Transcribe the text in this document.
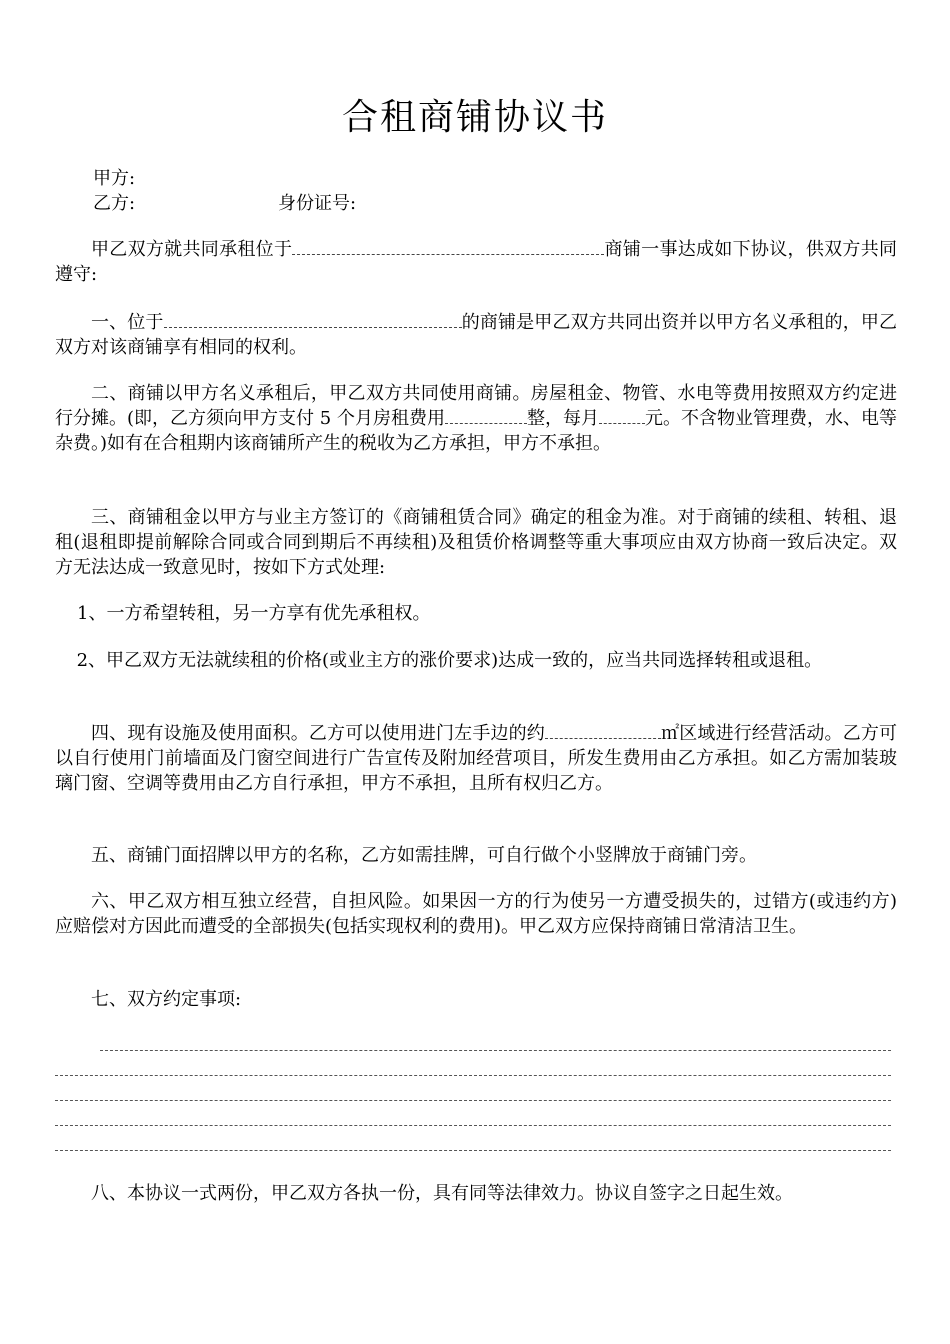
合租商铺协议书
甲方:
乙方:	身份证号:
甲乙双方就共同承租位于	商铺一事达成如下协议，供双方共同遵守:
一、位于	的商铺是甲乙双方共同出资并以甲方名义承租的，甲乙双方对该商铺享有相同的权利。
二、商铺以甲方名义承租后，甲乙双方共同使用商铺。房屋租金、物管、水电等费用按照双方约定进行分摊。(即，乙方须向甲方支付 5 个月房租费用	整，每月	元。不含物业管理费，水、电等杂费。)如有在合租期内该商铺所产生的税收为乙方承担，甲方不承担。
三、商铺租金以甲方与业主方签订的《商铺租赁合同》确定的租金为准。对于商铺的续租、转租、退租(退租即提前解除合同或合同到期后不再续租)及租赁价格调整等重大事项应由双方协商一致后决定。双方无法达成一致意见时，按如下方式处理:
1、一方希望转租，另一方享有优先承租权。
2、甲乙双方无法就续租的价格(或业主方的涨价要求)达成一致的，应当共同选择转租或退租。
四、现有设施及使用面积。乙方可以使用进门左手边的约	㎡区域进行经营活动。乙方可以自行使用门前墙面及门窗空间进行广告宣传及附加经营项目，所发生费用由乙方承担。如乙方需加装玻璃门窗、空调等费用由乙方自行承担，甲方不承担，且所有权归乙方。
五、商铺门面招牌以甲方的名称，乙方如需挂牌，可自行做个小竖牌放于商铺门旁。
六、甲乙双方相互独立经营，自担风险。如果因一方的行为使另一方遭受损失的，过错方(或违约方)应赔偿对方因此而遭受的全部损失(包括实现权利的费用)。甲乙双方应保持商铺日常清洁卫生。
七、双方约定事项:
八、本协议一式两份，甲乙双方各执一份，具有同等法律效力。协议自签字之日起生效。
